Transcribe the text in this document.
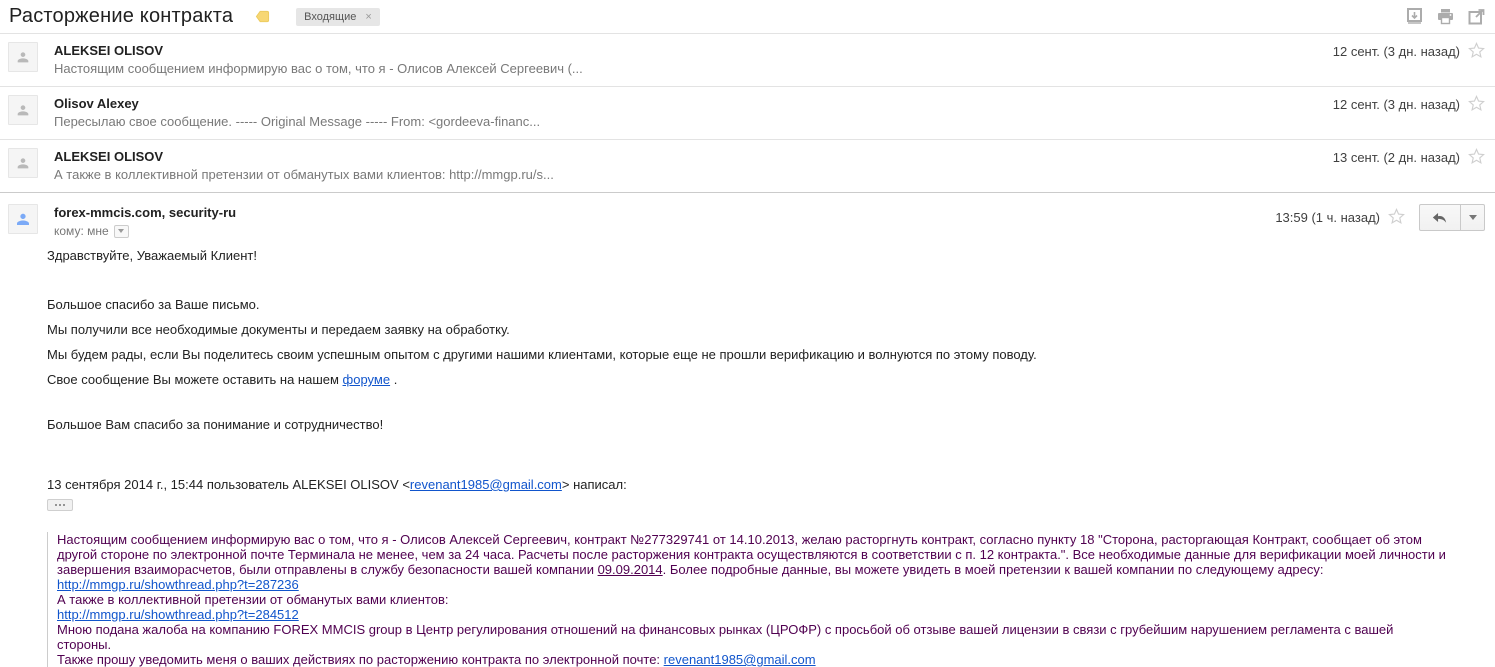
Расторжение контракта	Входящие ×
ALEKSEI OLISOV
Настоящим сообщением информирую вас о том, что я - Олисов Алексей Сергеевич (...
12 сент. (3 дн. назад)
Olisov Alexey
Пересылаю свое сообщение. ----- Original Message ----- From: <gordeeva-financ...
12 сент. (3 дн. назад)
ALEKSEI OLISOV
А также в коллективной претензии от обманутых вами клиентов: http://mmgp.ru/s...
13 сент. (2 дн. назад)
forex-mmcis.com, security-ru
кому: мне
13:59 (1 ч. назад)

Здравствуйте, Уважаемый Клиент!

Большое спасибо за Ваше письмо.

Мы получили все необходимые документы и передаем заявку на обработку.

Мы будем рады, если Вы поделитесь своим успешным опытом с другими нашими клиентами, которые еще не прошли верификацию и волнуются по этому поводу.

Свое сообщение Вы можете оставить на нашем форуме .

Большое Вам спасибо за понимание и сотрудничество!

13 сентября 2014 г., 15:44 пользователь ALEKSEI OLISOV <revenant1985@gmail.com> написал:

Настоящим сообщением информирую вас о том, что я - Олисов Алексей Сергеевич, контракт №277329741 от 14.10.2013, желаю расторгнуть контракт, согласно пункту 18 "Сторона, расторгающая Контракт, сообщает об этом другой стороне по электронной почте Терминала не менее, чем за 24 часа. Расчеты после расторжения контракта осуществляются в соответствии с п. 12 контракта.". Все необходимые данные для верификации моей личности и завершения взаиморасчетов, были отправлены в службу безопасности вашей компании 09.09.2014. Более подробные данные, вы можете увидеть в моей претензии к вашей компании по следующему адресу:
http://mmgp.ru/showthread.php?t=287236
А также в коллективной претензии от обманутых вами клиентов:
http://mmgp.ru/showthread.php?t=284512
Мною подана жалоба на компанию FOREX MMCIS group в Центр регулирования отношений на финансовых рынках (ЦРОФР) с просьбой об отзыве вашей лицензии в связи с грубейшим нарушением регламента с вашей стороны.
Также прошу уведомить меня о ваших действиях по расторжению контракта по электронной почте: revenant1985@gmail.com
